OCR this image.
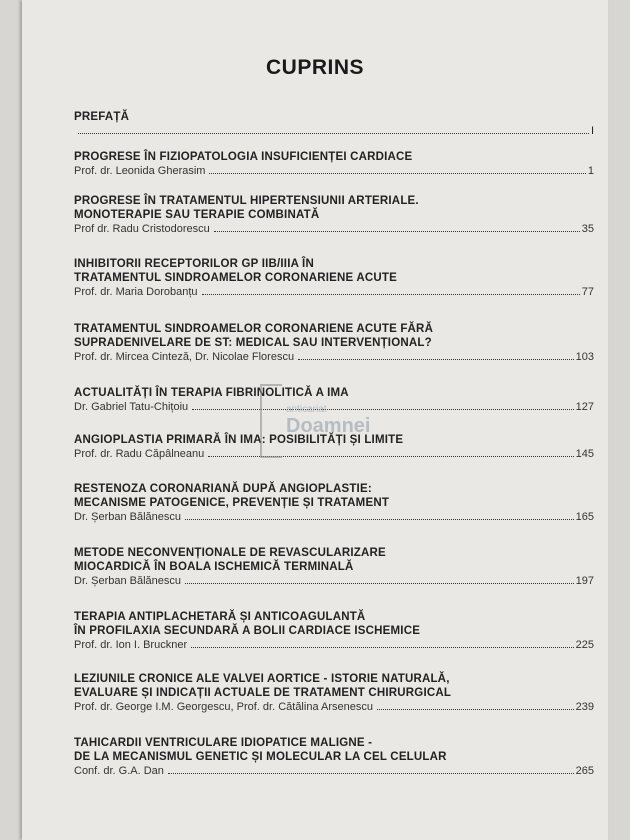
CUPRINS
PREFAȚĂ
I
PROGRESE ÎN FIZIOPATOLOGIA INSUFICIENȚEI CARDIACE
Prof. dr. Leonida Gherasim	1
PROGRESE ÎN TRATAMENTUL HIPERTENSIUNII ARTERIALE.
MONOTERAPIE SAU TERAPIE COMBINATĂ
Prof dr. Radu Cristodorescu	35
INHIBITORII RECEPTORILOR GP IIB/IIIA ÎN
TRATAMENTUL SINDROAMELOR CORONARIENE ACUTE
Prof. dr. Maria Dorobanțu	77
TRATAMENTUL SINDROAMELOR CORONARIENE ACUTE FĂRĂ
SUPRADENIVELARE DE ST: MEDICAL SAU INTERVENȚIONAL?
Prof. dr. Mircea Cinteză, Dr. Nicolae Florescu	103
ACTUALITĂȚI ÎN TERAPIA FIBRINOLITICĂ A IMA
Dr. Gabriel Tatu-Chițoiu	127
ANGIOPLASTIA PRIMARĂ ÎN IMA: POSIBILITĂȚI ȘI LIMITE
Prof. dr. Radu Căpâlneanu	145
RESTENOZA CORONARIANĂ DUPĂ ANGIOPLASTIE:
MECANISME PATOGENICE, PREVENȚIE ȘI TRATAMENT
Dr. Șerban Bălănescu	165
METODE NECONVENȚIONALE DE REVASCULARIZARE
MIOCARDICĂ ÎN BOALA ISCHEMICĂ TERMINALĂ
Dr. Șerban Bălănescu	197
TERAPIA ANTIPLACHETARĂ ȘI ANTICOAGULANTĂ
ÎN PROFILAXIA SECUNDARĂ A BOLII CARDIACE ISCHEMICE
Prof. dr. Ion I. Bruckner	225
LEZIUNILE CRONICE ALE VALVEI AORTICE - ISTORIE NATURALĂ,
EVALUARE ȘI INDICAȚII ACTUALE DE TRATAMENT CHIRURGICAL
Prof. dr. George I.M. Georgescu, Prof. dr. Cătălina Arsenescu	239
TAHICARDII VENTRICULARE IDIOPATICE MALIGNE -
DE LA MECANISMUL GENETIC ȘI MOLECULAR LA CEL CELULAR
Conf. dr. G.A. Dan	265
anticariat
Doamnei
